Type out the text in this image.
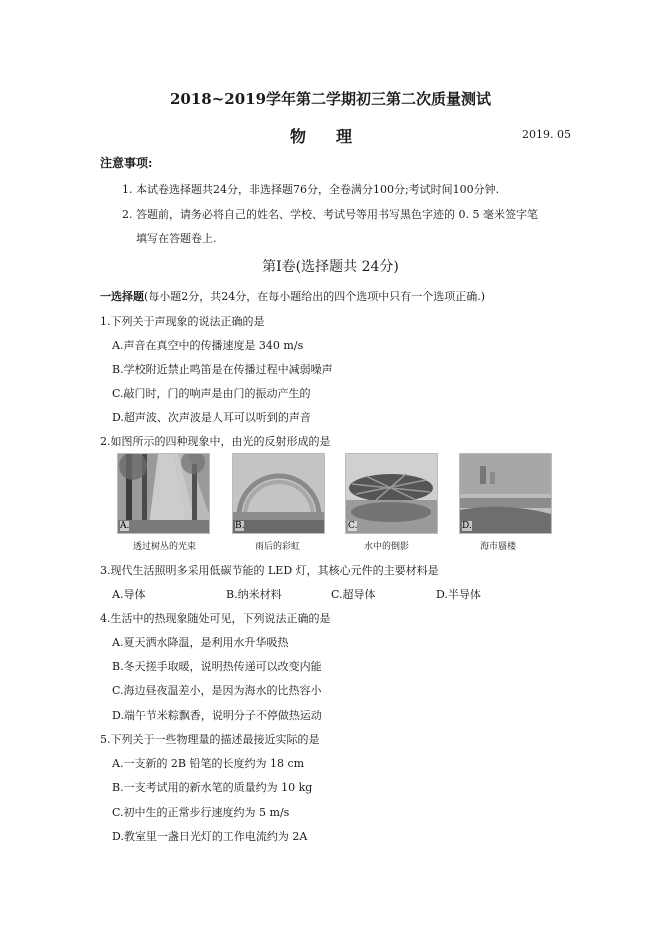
2018~2019学年第二学期初三第二次质量测试
物理	2019. 05
注意事项:
1. 本试卷选择题共24分，非选择题76分，全卷满分100分;考试时间100分钟.
2. 答题前，请务必将自己的姓名、学校、考试号等用书写黑色字迹的 0. 5 毫米签字笔
填写在答题卷上.
第Ⅰ卷(选择题共 24分)
一选择题(每小题2分，共24分，在每小题给出的四个选项中只有一个选项正确.)
1.下列关于声现象的说法正确的是
A.声音在真空中的传播速度是 340 m/s
B.学校附近禁止鸣笛是在传播过程中减弱噪声
C.敲门时，门的响声是由门的振动产生的
D.超声波、次声波是人耳可以听到的声音
2.如图所示的四种现象中，由光的反射形成的是
A.	B.	C.	D.
透过树丛的光束	雨后的彩虹	水中的倒影	海市蜃楼
3.现代生活照明多采用低碳节能的 LED 灯，其核心元件的主要材料是
A.导体	B.纳米材料	C.超导体	D.半导体
4.生活中的热现象随处可见，下列说法正确的是
A.夏天洒水降温，是利用水升华吸热
B.冬天搓手取暖，说明热传递可以改变内能
C.海边昼夜温差小，是因为海水的比热容小
D.端午节米粽飘香，说明分子不停做热运动
5.下列关于一些物理量的描述最接近实际的是
A.一支新的 2B 铅笔的长度约为 18 cm
B.一支考试用的新水笔的质量约为 10 kg
C.初中生的正常步行速度约为 5 m/s
D.教室里一盏日光灯的工作电流约为 2A
